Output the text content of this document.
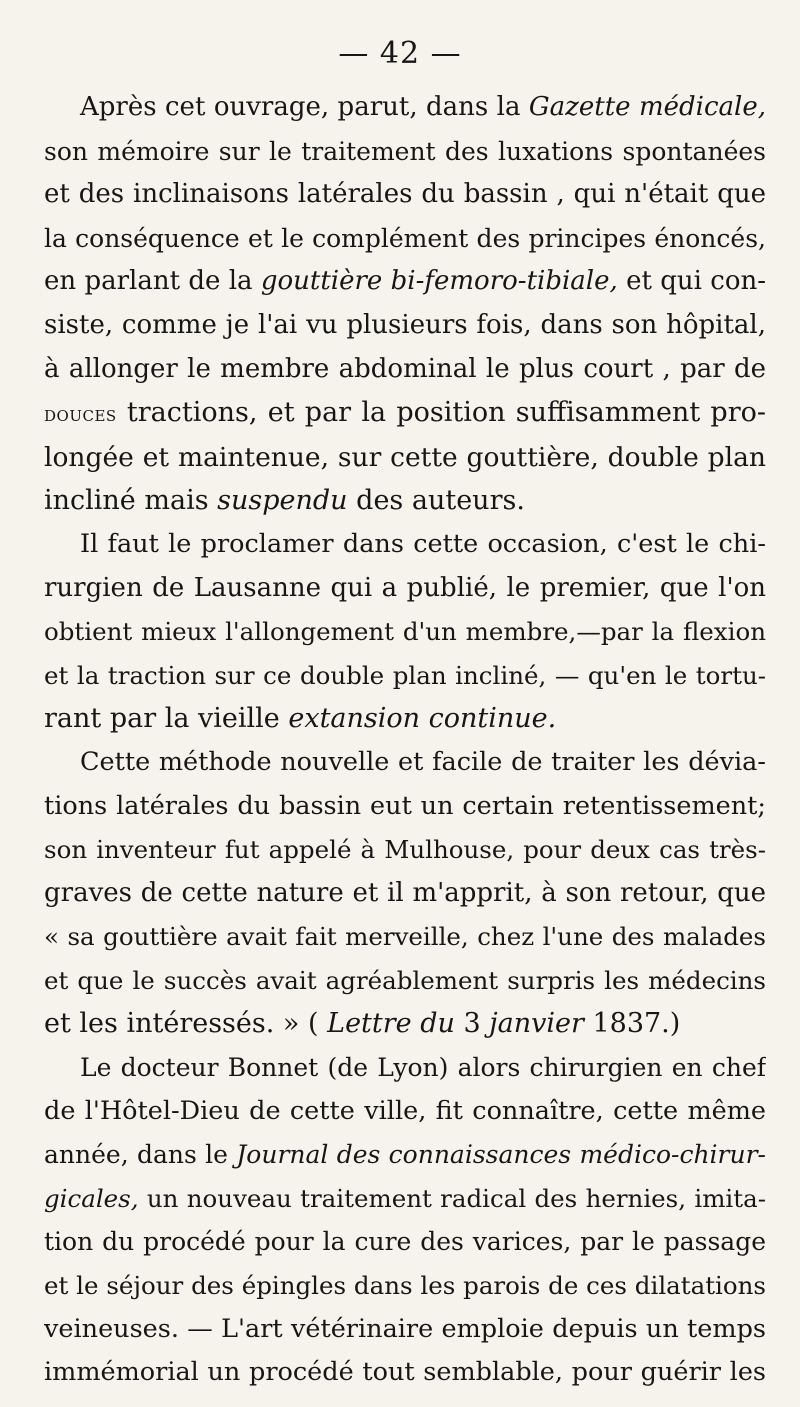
— 42 —
Après cet ouvrage, parut, dans la Gazette médicale,
son mémoire sur le traitement des luxations spontanées
et des inclinaisons latérales du bassin , qui n'était que
la conséquence et le complément des principes énoncés,
en parlant de la gouttière bi-femoro-tibiale, et qui con-
siste, comme je l'ai vu plusieurs fois, dans son hôpital,
à allonger le membre abdominal le plus court , par de
douces tractions, et par la position suffisamment pro-
longée et maintenue, sur cette gouttière, double plan
incliné mais suspendu des auteurs.
Il faut le proclamer dans cette occasion, c'est le chi-
rurgien de Lausanne qui a publié, le premier, que l'on
obtient mieux l'allongement d'un membre,—par la flexion
et la traction sur ce double plan incliné, — qu'en le tortu-
rant par la vieille extansion continue.
Cette méthode nouvelle et facile de traiter les dévia-
tions latérales du bassin eut un certain retentissement;
son inventeur fut appelé à Mulhouse, pour deux cas très-
graves de cette nature et il m'apprit, à son retour, que
« sa gouttière avait fait merveille, chez l'une des malades
et que le succès avait agréablement surpris les médecins
et les intéressés. » ( Lettre du 3 janvier 1837.)
Le docteur Bonnet (de Lyon) alors chirurgien en chef
de l'Hôtel-Dieu de cette ville, fit connaître, cette même
année, dans le Journal des connaissances médico-chirur-
gicales, un nouveau traitement radical des hernies, imita-
tion du procédé pour la cure des varices, par le passage
et le séjour des épingles dans les parois de ces dilatations
veineuses. — L'art vétérinaire emploie depuis un temps
immémorial un procédé tout semblable, pour guérir les
